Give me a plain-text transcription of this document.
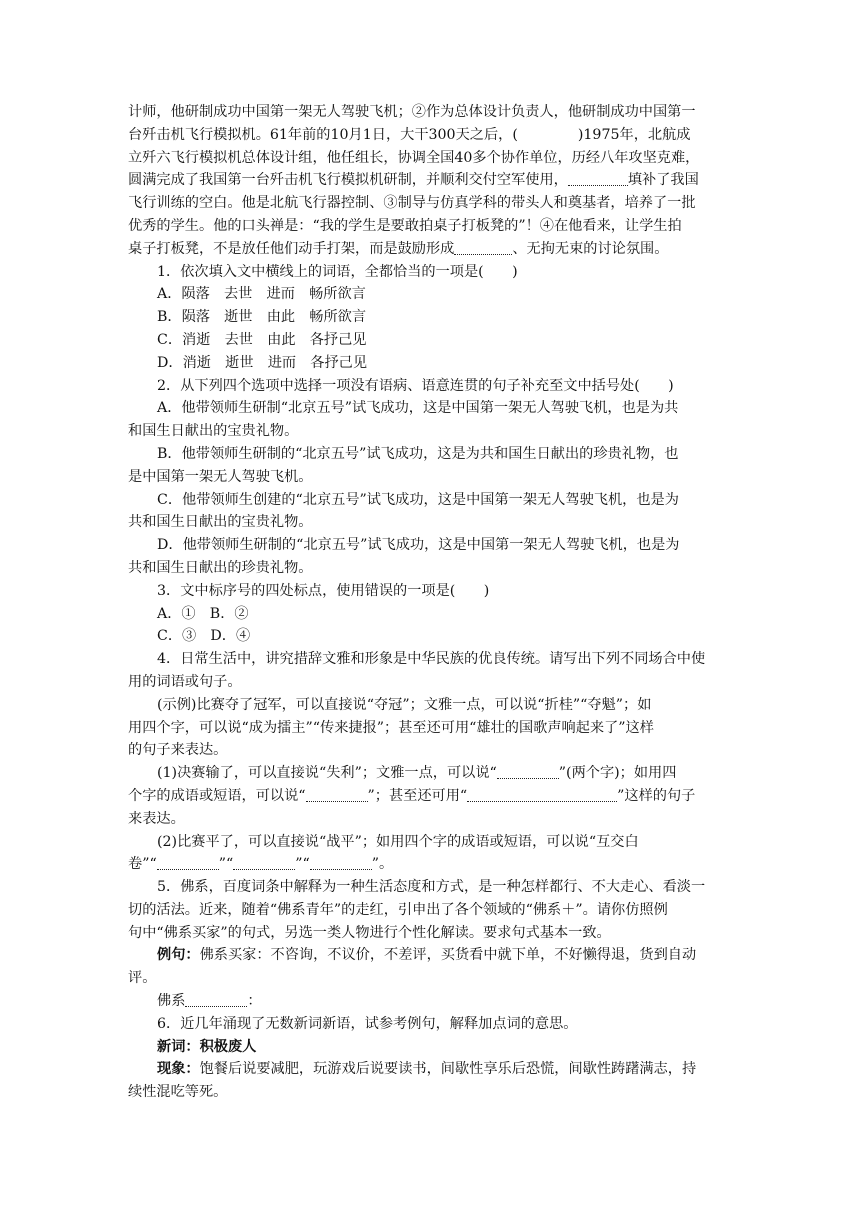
计师，他研制成功中国第一架无人驾驶飞机；②作为总体设计负责人，他研制成功中国第一

台歼击机飞行模拟机。61年前的10月1日，大干300天之后，(	)1975年，北航成

立歼六飞行模拟机总体设计组，他任组长，协调全国40多个协作单位，历经八年攻坚克难，

圆满完成了我国第一台歼击机飞行模拟机研制，并顺利交付空军使用，	填补了我国

飞行训练的空白。他是北航飞行器控制、③制导与仿真学科的带头人和奠基者，培养了一批

优秀的学生。他的口头禅是：“我的学生是要敢拍桌子打板凳的”！④在他看来，让学生拍

桌子打板凳，不是放任他们动手打架，而是鼓励形成	、无拘无束的讨论氛围。

1．依次填入文中横线上的词语，全都恰当的一项是(　　)

A．陨落　去世　进而　畅所欲言

B．陨落　逝世　由此　畅所欲言

C．消逝　去世　由此　各抒己见

D．消逝　逝世　进而　各抒己见

2．从下列四个选项中选择一项没有语病、语意连贯的句子补充至文中括号处(　　)

A．他带领师生研制“北京五号”试飞成功，这是中国第一架无人驾驶飞机，也是为共

和国生日献出的宝贵礼物。

B．他带领师生研制的“北京五号”试飞成功，这是为共和国生日献出的珍贵礼物，也

是中国第一架无人驾驶飞机。

C．他带领师生创建的“北京五号”试飞成功，这是中国第一架无人驾驶飞机，也是为

共和国生日献出的宝贵礼物。

D．他带领师生研制的“北京五号”试飞成功，这是中国第一架无人驾驶飞机，也是为

共和国生日献出的珍贵礼物。

3．文中标序号的四处标点，使用错误的一项是(　　)

A．①　B．②

C．③　D．④

4．日常生活中，讲究措辞文雅和形象是中华民族的优良传统。请写出下列不同场合中使

用的词语或句子。

(示例)比赛夺了冠军，可以直接说“夺冠”；文雅一点，可以说“折桂”“夺魁”；如

用四个字，可以说“成为擂主”“传来捷报”；甚至还可用“雄壮的国歌声响起来了”这样

的句子来表达。

(1)决赛输了，可以直接说“失利”；文雅一点，可以说“	”(两个字)；如用四

个字的成语或短语，可以说“	”；甚至还可用“	”这样的句子

来表达。

(2)比赛平了，可以直接说“战平”；如用四个字的成语或短语，可以说“互交白

卷”“	”“	”“	”。

5．佛系，百度词条中解释为一种生活态度和方式，是一种怎样都行、不大走心、看淡一

切的活法。近来，随着“佛系青年”的走红，引申出了各个领域的“佛系＋”。请你仿照例

句中“佛系买家”的句式，另选一类人物进行个性化解读。要求句式基本一致。

例句：佛系买家：不咨询，不议价，不差评，买货看中就下单，不好懒得退，货到自动

评。

佛系	：

6．近几年涌现了无数新词新语，试参考例句，解释加点词的意思。

新词：积极废人

现象：饱餐后说要减肥，玩游戏后说要读书，间歇性享乐后恐慌，间歇性踌躇满志，持

续性混吃等死。
